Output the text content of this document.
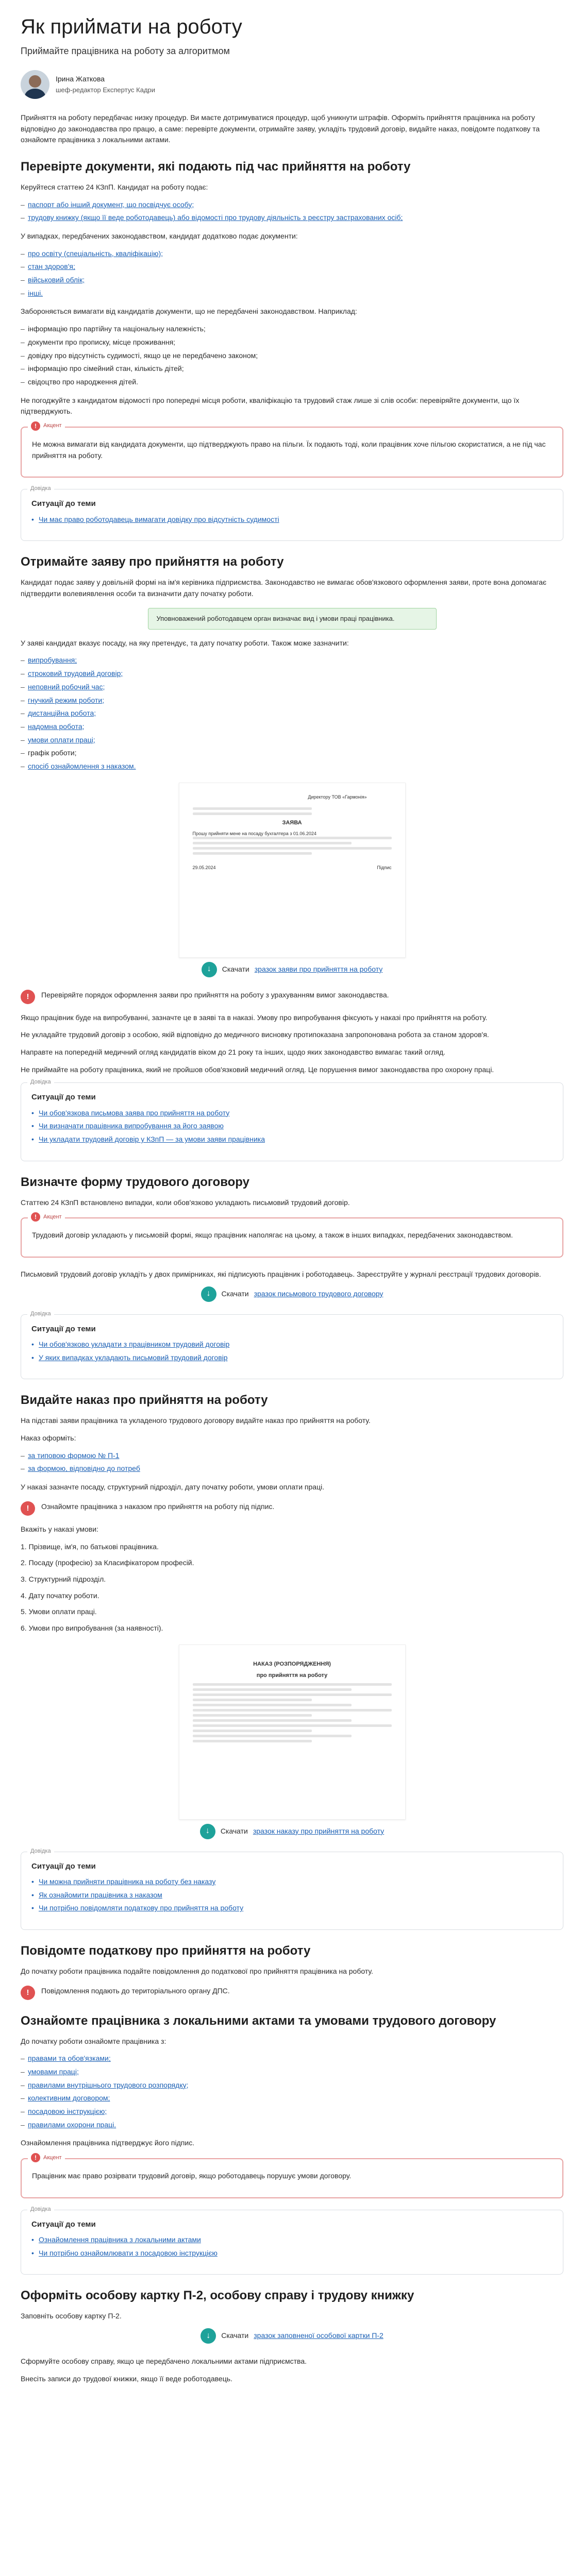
Як приймати на роботу
Приймайте працівника на роботу за алгоритмом
Ірина Жаткова
шеф-редактор Експертус Кадри

Прийняття на роботу передбачає низку процедур. Ви маєте дотримуватися процедур, щоб уникнути штрафів. Оформіть прийняття працівника на роботу відповідно до законодавства про працю, а саме: перевірте документи, отримайте заяву, укладіть трудовий договір, видайте наказ, повідомте податкову та ознайомте працівника з локальними актами.

Перевірте документи, які подають під час прийняття на роботу

Керуйтеся статтею 24 КЗпП. Кандидат на роботу подає:

– паспорт або інший документ, що посвідчує особу;
– трудову книжку (якщо її веде роботодавець) або відомості про трудову діяльність з реєстру застрахованих осіб;

У випадках, передбачених законодавством, кандидат додатково подає документи:

– про освіту (спеціальність, кваліфікацію);
– стан здоров'я;
– військовий облік;
– інші.

Забороняється вимагати від кандидатів документи, що не передбачені законодавством. Наприклад:

– інформацію про партійну та національну належність;
– документи про прописку, місце проживання;
– довідку про відсутність судимості, якщо це не передбачено законом;
– інформацію про сімейний стан, кількість дітей;
– свідоцтво про народження дітей.

Не погоджуйте з кандидатом відомості про попередні місця роботи, кваліфікацію та трудовий стаж лише зі слів особи: перевіряйте документи, що їх підтверджують.

!	Акцент

Не можна вимагати від кандидата документи, що підтверджують право на пільги. Їх подають тоді, коли працівник хоче пільгою скористатися, а не під час прийняття на роботу.

Довідка
Ситуації до теми
• Чи має право роботодавець вимагати довідку про відсутність судимості
Отримайте заяву про прийняття на роботу

Кандидат подає заяву у довільній формі на ім'я керівника підприємства. Законодавство не вимагає обов'язкового оформлення заяви, проте вона допомагає підтвердити волевиявлення особи та визначити дату початку роботи.

Уповноважений роботодавцем орган визначає вид і умови праці працівника.

У заяві кандидат вказує посаду, на яку претендує, та дату початку роботи. Також може зазначити:

– випробування;
– строковий трудовий договір;
– неповний робочий час;
– гнучкий режим роботи;
– дистанційна робота;
– надомна робота;
– умови оплати праці;
– графік роботи;
– спосіб ознайомлення з наказом.
Директору ТОВ «Гармонія»
ЗАЯВА
Прошу прийняти мене на посаду бухгалтера з 01.06.2024
29.05.2024	Підпис
↓	Скачати зразок заяви про прийняття на роботу
!	Перевіряйте порядок оформлення заяви про прийняття на роботу з урахуванням вимог законодавства.

Якщо працівник буде на випробуванні, зазначте це в заяві та в наказі. Умову про випробування фіксують у наказі про прийняття на роботу.

Не укладайте трудовий договір з особою, якій відповідно до медичного висновку протипоказана запропонована робота за станом здоров'я.

Направте на попередній медичний огляд кандидатів віком до 21 року та інших, щодо яких законодавство вимагає такий огляд.

Не приймайте на роботу працівника, який не пройшов обов'язковий медичний огляд. Це порушення вимог законодавства про охорону праці.

Довідка
Ситуації до теми
• Чи обов'язкова письмова заява про прийняття на роботу
• Чи визначати працівника випробування за його заявою
• Чи укладати трудовий договір у КЗпП — за умови заяви працівника
Визначте форму трудового договору

Статтею 24 КЗпП встановлено випадки, коли обов'язково укладають письмовий трудовий договір.

!	Акцент

Трудовий договір укладають у письмовій формі, якщо працівник наполягає на цьому, а також в інших випадках, передбачених законодавством.

Письмовий трудовий договір укладіть у двох примірниках, які підписують працівник і роботодавець. Зареєструйте у журналі реєстрації трудових договорів.

↓	Скачати зразок письмового трудового договору
Довідка
Ситуації до теми
• Чи обов'язково укладати з працівником трудовий договір
• У яких випадках укладають письмовий трудовий договір
Видайте наказ про прийняття на роботу

На підставі заяви працівника та укладеного трудового договору видайте наказ про прийняття на роботу.

Наказ оформіть:

– за типовою формою № П-1
– за формою, відповідно до потреб

У наказі зазначте посаду, структурний підрозділ, дату початку роботи, умови оплати праці.

!	Ознайомте працівника з наказом про прийняття на роботу під підпис.

Вкажіть у наказі умови:

1. Прізвище, ім'я, по батькові працівника.
2. Посаду (професію) за Класифікатором професій.
3. Структурний підрозділ.
4. Дату початку роботи.
5. Умови оплати праці.
6. Умови про випробування (за наявності).
НАКАЗ (РОЗПОРЯДЖЕННЯ)
про прийняття на роботу
↓	Скачати зразок наказу про прийняття на роботу
Довідка
Ситуації до теми
• Чи можна прийняти працівника на роботу без наказу
• Як ознайомити працівника з наказом
• Чи потрібно повідомляти податкову про прийняття на роботу
Повідомте податкову про прийняття на роботу

До початку роботи працівника подайте повідомлення до податкової про прийняття працівника на роботу.

!	Повідомлення подають до територіального органу ДПС.

Ознайомте працівника з локальними актами та умовами трудового договору

До початку роботи ознайомте працівника з:

– правами та обов'язками;
– умовами праці;
– правилами внутрішнього трудового розпорядку;
– колективним договором;
– посадовою інструкцією;
– правилами охорони праці.

Ознайомлення працівника підтверджує його підпис.

!	Акцент

Працівник має право розірвати трудовий договір, якщо роботодавець порушує умови договору.

Довідка
Ситуації до теми
• Ознайомлення працівника з локальними актами
• Чи потрібно ознайомлювати з посадовою інструкцією
Оформіть особову картку П-2, особову справу і трудову книжку

Заповніть особову картку П-2.

↓	Скачати зразок заповненої особової картки П-2

Сформуйте особову справу, якщо це передбачено локальними актами підприємства.

Внесіть записи до трудової книжки, якщо її веде роботодавець.
